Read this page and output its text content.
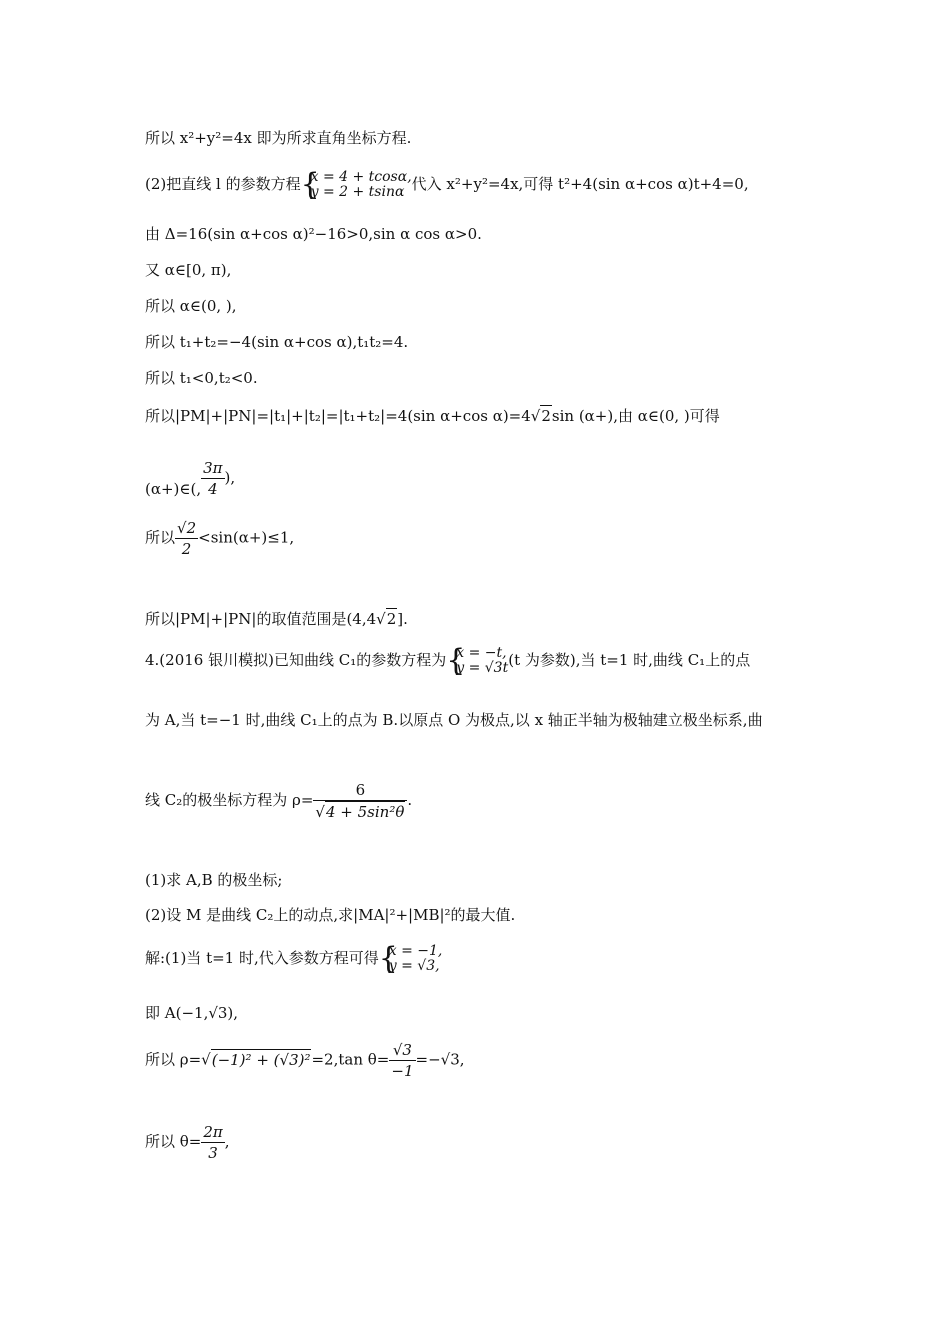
所以 x²+y²=4x 即为所求直角坐标方程.
(2)把直线 l 的参数方程 {
x = 4 + tcosα,
y = 2 + tsinα 代入 x²+y²=4x,可得 t²+4(sin α+cos α)t+4=0,
由 Δ=16(sin α+cos α)²−16>0,sin α cos α>0.
又 α∈[0, π),
所以 α∈(0, ),
所以 t₁+t₂=−4(sin α+cos α),t₁t₂=4.
所以 t₁<0,t₂<0.
所以|PM|+|PN|=|t₁|+|t₂|=|t₁+t₂|=4(sin α+cos α)=4√2sin (α+),由 α∈(0, )可得
(α+)∈(, $\frac{3\pi}{4}$ ),
所以 $\frac{√2}{2} <\sin(\alpha+)\le 1$,
所以|PM|+|PN|的取值范围是(4,4√2].
4.(2016 银川模拟)已知曲线 C₁的参数方程为 {
x = −t,
y = √3t (t 为参数),当 t=1 时,曲线 C₁上的点
为 A,当 t=−1 时,曲线 C₁上的点为 B.以原点 O 为极点,以 x 轴正半轴为极轴建立极坐标系,曲
线 C₂的极坐标方程为 $\rho= \frac{6}{\text{√4 + 5sin²θ}}$ .
(1)求 A,B 的极坐标;
(2)设 M 是曲线 C₂上的动点,求|MA|²+|MB|²的最大值.
解:(1)当 t=1 时,代入参数方程可得 {
x = −1,
y = √3,
即 A(−1,√3),
所以 ρ=√(−1)² + (√3)²=2,tan $\theta= \frac{√3}{-1} =-√3$,
所以 $\theta= \frac{2\pi}{3}$ ,
